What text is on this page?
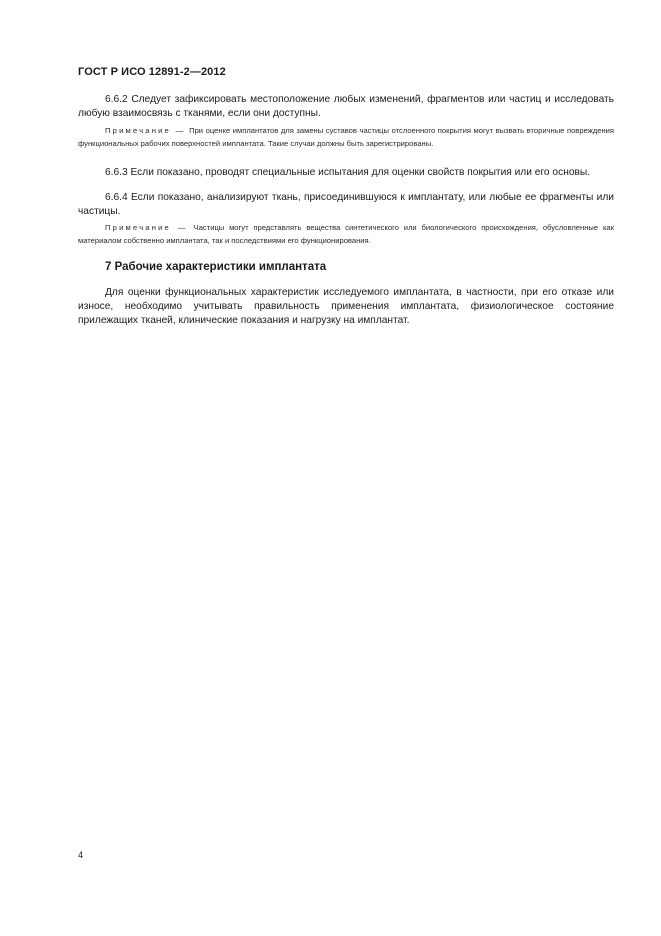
ГОСТ Р ИСО 12891-2—2012

6.6.2 Следует зафиксировать местоположение любых изменений, фрагментов или частиц и исследовать любую взаимосвязь с тканями, если они доступны.

Примечание — При оценке имплантатов для замены суставов частицы отслоенного покрытия могут вызвать вторичные повреждения функциональных рабочих поверхностей имплантата. Такие случаи должны быть зарегистрированы.

6.6.3 Если показано, проводят специальные испытания для оценки свойств покрытия или его основы.

6.6.4 Если показано, анализируют ткань, присоединившуюся к имплантату, или любые ее фрагменты или частицы.

Примечание — Частицы могут представлять вещества синтетического или биологического происхождения, обусловленные как материалом собственно имплантата, так и последствиями его функционирования.

7 Рабочие характеристики имплантата

Для оценки функциональных характеристик исследуемого имплантата, в частности, при его отказе или износе, необходимо учитывать правильность применения имплантата, физиологическое состояние прилежащих тканей, клинические показания и нагрузку на имплантат.

4
